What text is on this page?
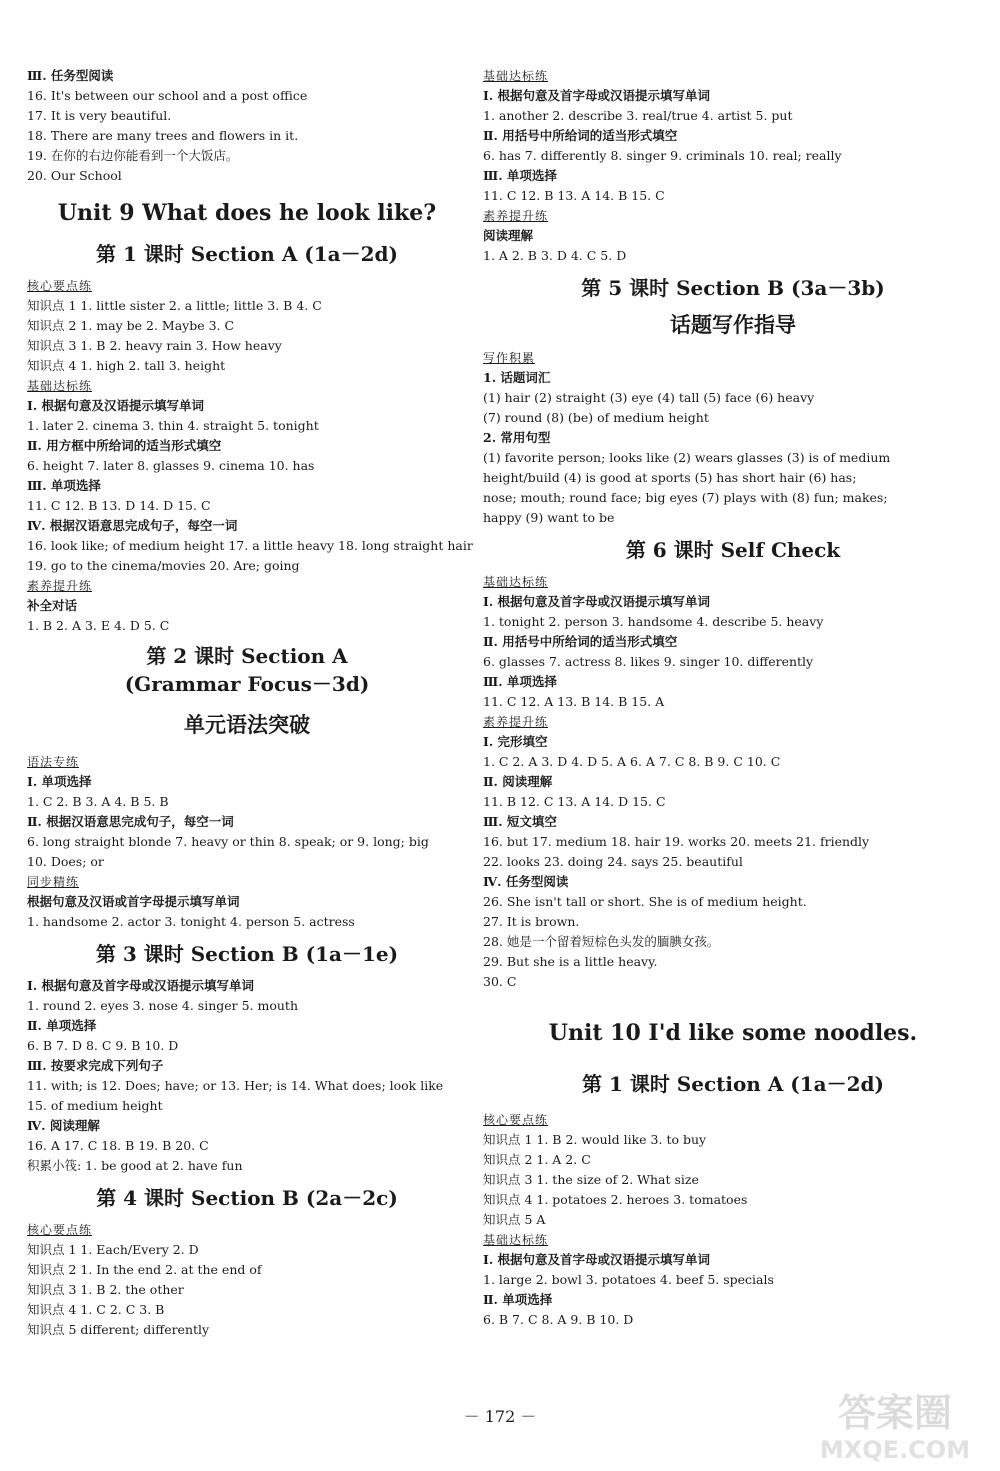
Ⅲ. 任务型阅读
16. It's between our school and a post office
17. It is very beautiful.
18. There are many trees and flowers in it.
19. 在你的右边你能看到一个大饭店。
20. Our School
Unit 9 What does he look like?
第 1 课时 Section A (1a－2d)
核心要点练
知识点 1 1. little sister 2. a little; little 3. B 4. C
知识点 2 1. may be 2. Maybe 3. C
知识点 3 1. B 2. heavy rain 3. How heavy
知识点 4 1. high 2. tall 3. height
基础达标练
Ⅰ. 根据句意及汉语提示填写单词
1. later 2. cinema 3. thin 4. straight 5. tonight
Ⅱ. 用方框中所给词的适当形式填空
6. height 7. later 8. glasses 9. cinema 10. has
Ⅲ. 单项选择
11. C 12. B 13. D 14. D 15. C
Ⅳ. 根据汉语意思完成句子，每空一词
16. look like; of medium height 17. a little heavy 18. long straight hair
19. go to the cinema/movies 20. Are; going
素养提升练
补全对话
1. B 2. A 3. E 4. D 5. C
第 2 课时 Section A
(Grammar Focus－3d)
单元语法突破
语法专练
Ⅰ. 单项选择
1. C 2. B 3. A 4. B 5. B
Ⅱ. 根据汉语意思完成句子，每空一词
6. long straight blonde 7. heavy or thin 8. speak; or 9. long; big
10. Does; or
同步精练
根据句意及汉语或首字母提示填写单词
1. handsome 2. actor 3. tonight 4. person 5. actress
第 3 课时 Section B (1a－1e)
Ⅰ. 根据句意及首字母或汉语提示填写单词
1. round 2. eyes 3. nose 4. singer 5. mouth
Ⅱ. 单项选择
6. B 7. D 8. C 9. B 10. D
Ⅲ. 按要求完成下列句子
11. with; is 12. Does; have; or 13. Her; is 14. What does; look like
15. of medium height
Ⅳ. 阅读理解
16. A 17. C 18. B 19. B 20. C
积累小筏: 1. be good at 2. have fun
第 4 课时 Section B (2a－2c)
核心要点练
知识点 1 1. Each/Every 2. D
知识点 2 1. In the end 2. at the end of
知识点 3 1. B 2. the other
知识点 4 1. C 2. C 3. B
知识点 5 different; differently
基础达标练
Ⅰ. 根据句意及首字母或汉语提示填写单词
1. another 2. describe 3. real/true 4. artist 5. put
Ⅱ. 用括号中所给词的适当形式填空
6. has 7. differently 8. singer 9. criminals 10. real; really
Ⅲ. 单项选择
11. C 12. B 13. A 14. B 15. C
素养提升练
阅读理解
1. A 2. B 3. D 4. C 5. D
第 5 课时 Section B (3a－3b)
话题写作指导
写作积累
1. 话题词汇
(1) hair (2) straight (3) eye (4) tall (5) face (6) heavy
(7) round (8) (be) of medium height
2. 常用句型
(1) favorite person; looks like (2) wears glasses (3) is of medium
height/build (4) is good at sports (5) has short hair (6) has;
nose; mouth; round face; big eyes (7) plays with (8) fun; makes;
happy (9) want to be
第 6 课时 Self Check
基础达标练
Ⅰ. 根据句意及首字母或汉语提示填写单词
1. tonight 2. person 3. handsome 4. describe 5. heavy
Ⅱ. 用括号中所给词的适当形式填空
6. glasses 7. actress 8. likes 9. singer 10. differently
Ⅲ. 单项选择
11. C 12. A 13. B 14. B 15. A
素养提升练
Ⅰ. 完形填空
1. C 2. A 3. D 4. D 5. A 6. A 7. C 8. B 9. C 10. C
Ⅱ. 阅读理解
11. B 12. C 13. A 14. D 15. C
Ⅲ. 短文填空
16. but 17. medium 18. hair 19. works 20. meets 21. friendly
22. looks 23. doing 24. says 25. beautiful
Ⅳ. 任务型阅读
26. She isn't tall or short. She is of medium height.
27. It is brown.
28. 她是一个留着短棕色头发的腼腆女孩。
29. But she is a little heavy.
30. C
Unit 10 I'd like some noodles.
第 1 课时 Section A (1a－2d)
核心要点练
知识点 1 1. B 2. would like 3. to buy
知识点 2 1. A 2. C
知识点 3 1. the size of 2. What size
知识点 4 1. potatoes 2. heroes 3. tomatoes
知识点 5 A
基础达标练
Ⅰ. 根据句意及首字母或汉语提示填写单词
1. large 2. bowl 3. potatoes 4. beef 5. specials
Ⅱ. 单项选择
6. B 7. C 8. A 9. B 10. D
－ 172 －	答案圈
MXQE.COM
